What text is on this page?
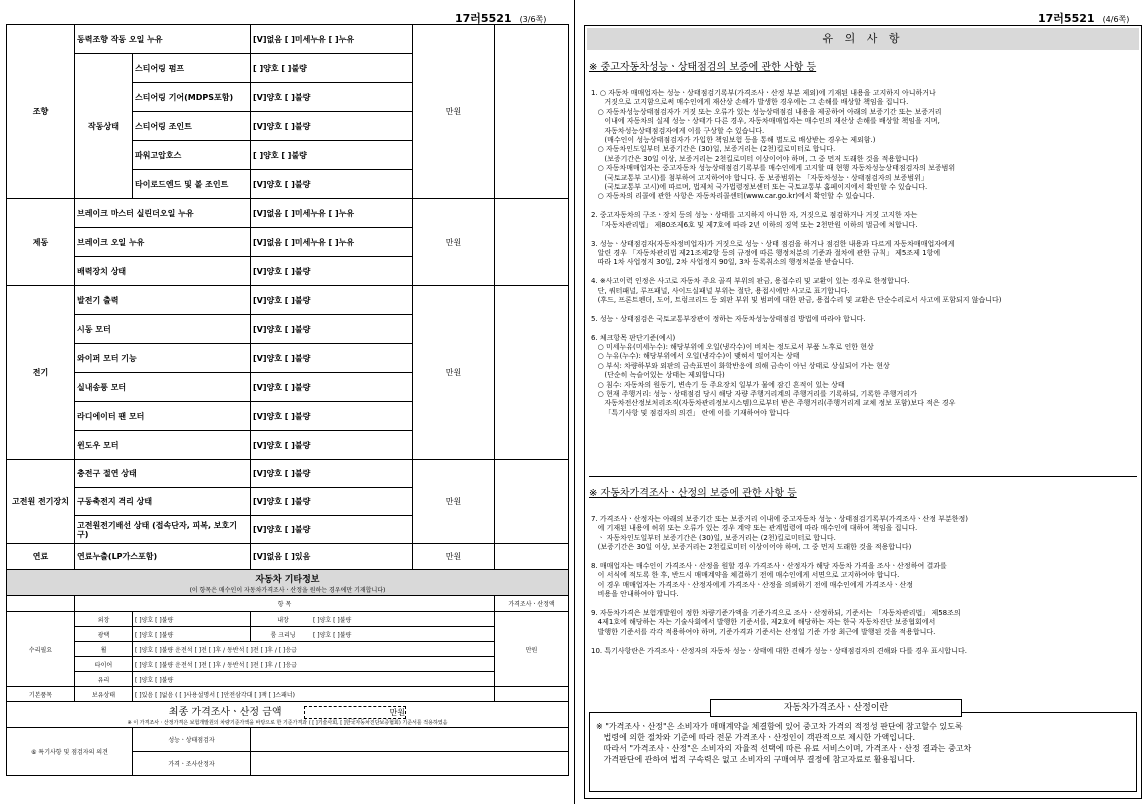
17러5521 (3/6쪽)
조향	동력조향 작동 오일 누유		[V]없음 [ ]미세누유 [ ]누유	만원	
	작동상태	스티어링 펌프	[ ]양호 [ ]불량		
		스티어링 기어(MDPS포함)	[V]양호 [ ]불량		
		스티어링 조인트	[V]양호 [ ]불량		
		파워고압호스	[ ]양호 [ ]불량		
		타이로드엔드 및 볼 조인트	[V]양호 [ ]불량		
제동	브레이크 마스터 실린더오일 누유		[V]없음 [ ]미세누유 [ ]누유	만원	
	브레이크 오일 누유		[V]없음 [ ]미세누유 [ ]누유		
	배력장치 상태		[V]양호 [ ]불량		
전기	발전기 출력		[V]양호 [ ]불량	만원	
	시동 모터		[V]양호 [ ]불량		
	와이퍼 모터 기능		[V]양호 [ ]불량		
	실내송풍 모터		[V]양호 [ ]불량		
	라디에이터 팬 모터		[V]양호 [ ]불량		
	윈도우 모터		[V]양호 [ ]불량		
고전원 전기장치	충전구 절연 상태		[V]양호 [ ]불량	만원	
	구동축전지 격리 상태		[V]양호 [ ]불량		
	고전원전기배선 상태 (접속단자, 피복, 보호기구)		[V]양호 [ ]불량		
연료	연료누출(LP가스포함)		[V]없음 [ ]있음	만원	

자동차 기타정보
(이 항목은 매수인이 자동차가격조사ㆍ산정을 원하는 경우에만 기재합니다)					

	항 목				가격조사ㆍ산정액
수리필요	외장	[ ]양호 [ ]불량	내장 [ ]양호 [ ]불량		만원
	광택	[ ]양호 [ ]불량	룸 크리닝 [ ]양호 [ ]불량		
	휠	[ ]양호 [ ]불량 운전석 [ ]전 [ ]후 / 동반석 [ ]전 [ ]후 / [ ]응급			
	타이어	[ ]양호 [ ]불량 운전석 [ ]전 [ ]후 / 동반석 [ ]전 [ ]후 / [ ]응급			
	유리	[ ]양호 [ ]불량			
기본품목	보유상태	[ ]있음 [ ]없음 ( [ ]사용설명서 [ ]안전삼각대 [ ]잭 [ ]스패너)			

최종 가격조사ㆍ산정 금액 만원
※ 이 가격조사ㆍ산정가격은 보험개발원의 차량기준가액을 바탕으로 한 기준가격과 ( [ ]기술사회, [ ]한국자동차진단보증협회) 기준서를 적용하였음					

⑥ 특기사항 및 점검자의 의견		성능ㆍ상태점검자			
		가격ㆍ조사산정자			
17러5521 (4/6쪽)
유 의 사 항
※ 중고자동차성능ㆍ상태점검의 보증에 관한 사항 등
1. ○ 자동차 매매업자는 성능ㆍ상태점검기록부(가격조사ㆍ산정 부분 제외)에 기재된 내용을 고지하지 아니하거나
거짓으로 고지함으로써 매수인에게 재산상 손해가 발생한 경우에는 그 손해를 배상할 책임을 집니다.
○ 자동차성능상태점검자가 거짓 또는 오류가 있는 성능상태점검 내용을 제공하여 아래의 보증기간 또는 보증거리
이내에 자동차의 실제 성능ㆍ상태가 다른 경우, 자동차매매업자는 매수인의 재산상 손해를 배상할 책임을 지며,
자동차성능상태점검자에게 이를 구상할 수 있습니다.
(매수인이 성능상태점검자가 가입한 책임보험 등을 통해 별도로 배상받는 경우는 제외함.)
○ 자동차인도일부터 보증기간은 (30)일, 보증거리는 (2천)킬로미터로 합니다.
(보증기간은 30일 이상, 보증거리는 2천킬로미터 이상이어야 하며, 그 중 먼저 도래한 것을 적용합니다)
○ 자동차매매업자는 중고자동차 성능상태점검기록부를 매수인에게 고지할 때 현행 자동차성능상태점검자의 보증범위
(국토교통부 고시)를 첨부하여 고지하여야 합니다. 동 보증범위는 「자동차성능ㆍ상태점검자의 보증범위」
(국토교통부 고시)에 따르며, 법제처 국가법령정보센터 또는 국토교통부 홈페이지에서 확인할 수 있습니다.
○ 자동차의 리콜에 관한 사항은 자동차리콜센터(www.car.go.kr)에서 확인할 수 있습니다.

2. 중고자동차의 구조ㆍ장치 등의 성능ㆍ상태를 고지하지 아니한 자, 거짓으로 점검하거나 거짓 고지한 자는
「자동차관리법」 제80조제6호 및 제7호에 따라 2년 이하의 징역 또는 2천만원 이하의 벌금에 처합니다.

3. 성능ㆍ상태점검자(자동차정비업자)가 거짓으로 성능ㆍ상태 점검을 하거나 점검한 내용과 다르게 자동차매매업자에게
알린 경우 「자동차관리법 제21조제2항 등의 규정에 따른 행정처분의 기준과 절차에 관한 규칙」 제5조제 1항에
따라 1차 사업정지 30일, 2차 사업정지 90일, 3차 등록취소의 행정처분을 받습니다.

4. ※사고이력 인정은 사고로 자동차 주요 골격 부위의 판금, 용접수리 및 교환이 있는 경우로 한정합니다.
단, 쿼터패널, 루프패널, 사이드실패널 부위는 절단, 용접시에만 사고로 표기합니다.
(후드, 프론트펜더, 도어, 트렁크리드 등 외판 부위 및 범퍼에 대한 판금, 용접수리 및 교환은 단순수리로서 사고에 포함되지 않습니다)

5. 성능ㆍ상태점검은 국토교통부장관이 정하는 자동차성능상태점검 방법에 따라야 합니다.

6. 체크항목 판단기준(예시)
○ 미세누유(미세누수): 해당부위에 오일(냉각수)이 비치는 정도로서 부품 노후로 인한 현상
○ 누유(누수): 해당부위에서 오일(냉각수)이 맺혀서 떨어지는 상태
○ 부식: 차량하부와 외판의 금속표면이 화학반응에 의해 금속이 아닌 상태로 상실되어 가는 현상
(단순히 녹슬어있는 상태는 제외합니다)
○ 침수: 자동차의 원동기, 변속기 등 주요장치 일부가 물에 잠긴 흔적이 있는 상태
○ 현재 주행거리: 성능ㆍ상태점검 당시 해당 자량 주행거리계의 주행거리를 기록하되, 기록한 주행거리가
자동차전산정보처리조직(자동차관리정보시스템)으로부터 받은 주행거리(주행거리계 교체 정보 포함)보다 적은 경우
「특기사항 및 점검자의 의견」 란에 이를 기재하여야 합니다
※ 자동차가격조사ㆍ산정의 보증에 관한 사항 등
7. 가격조사ㆍ산정자는 아래의 보증기간 또는 보증거리 이내에 중고자동차 성능ㆍ상태점검기록부(가격조사ㆍ산정 부분한정)
에 기재된 내용에 허위 또는 오류가 있는 경우 계약 또는 관계법령에 따라 매수인에 대하여 책임을 집니다.
ㆍ 자동차인도일부터 보증기간은 (30)일, 보증거리는 (2천)킬로미터로 합니다.
(보증기간은 30일 이상, 보증거리는 2천킬로미터 이상이어야 하며, 그 중 먼저 도래한 것을 적용합니다)

8. 매매업자는 매수인이 가격조사ㆍ산정을 원할 경우 가격조사ㆍ산정자가 해당 자동차 가격을 조사ㆍ산정하여 결과를
이 서식에 적도록 한 후, 반드시 매매계약을 체결하기 전에 매수인에게 서면으로 고지하여야 합니다.
이 경우 매매업자는 가격조사ㆍ산정자에게 가격조사ㆍ산정을 의뢰하기 전에 매수인에게 가격조사ㆍ산정
비용을 안내하여야 합니다.

9. 자동차가격은 보험개발원이 정한 차량기준가액을 기준가격으로 조사ㆍ산정하되, 기준서는 「자동차관리법」 제58조의
4제1호에 해당하는 자는 기술사회에서 발행한 기준서를, 제2호에 해당하는 자는 한국 자동차진단 보증협회에서
발행한 기준서를 각각 적용하여야 하며, 기준가격과 기준서는 산정일 기준 가장 최근에 발행된 것을 적용합니다.

10. 특기사항란은 가격조사ㆍ산정자의 자동차 성능ㆍ상태에 대한 견해가 성능ㆍ상태점검자의 견해와 다를 경우 표시합니다.
자동차가격조사ㆍ산정이란
※ "가격조사ㆍ산정"은 소비자가 매매계약을 체결함에 있어 중고차 가격의 적정성 판단에 참고할수 있도록
법령에 의한 절차와 기준에 따라 전문 가격조사ㆍ산정인이 객관적으로 제시한 가액입니다.
따라서 "가격조사ㆍ산정"은 소비자의 자율적 선택에 따른 유료 서비스이며, 가격조사ㆍ산정 결과는 중고차
가격판단에 관하여 법적 구속력은 없고 소비자의 구매여부 결정에 참고자료로 활용됩니다.
